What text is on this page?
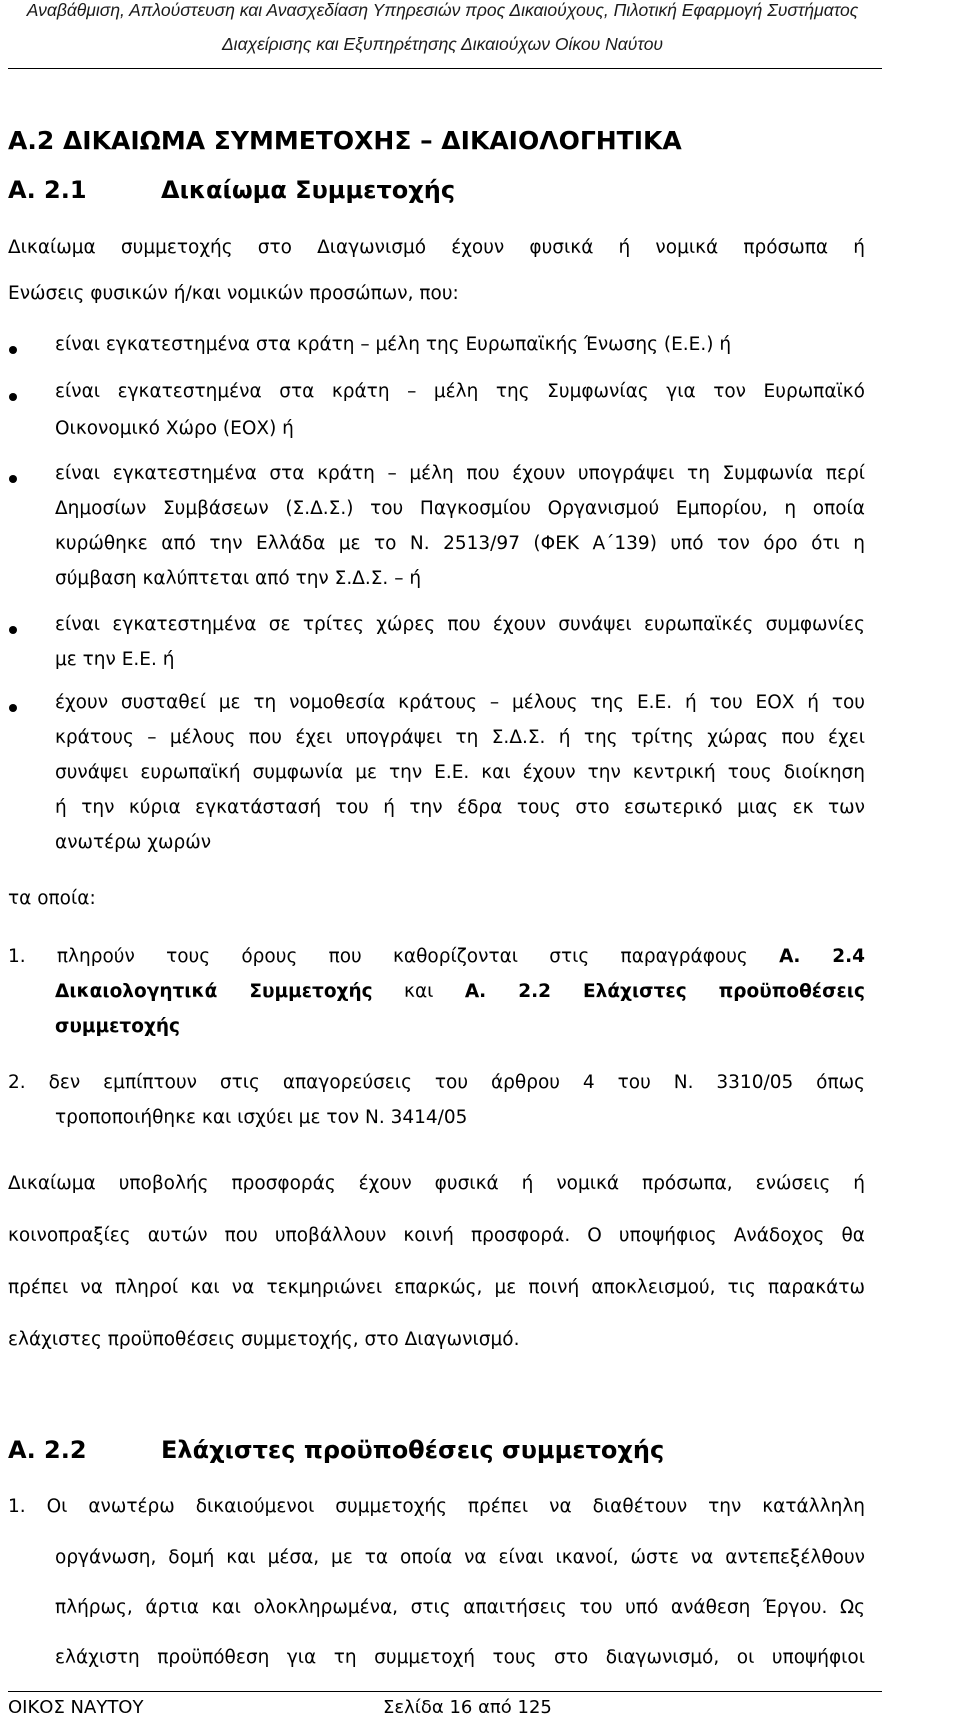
Αναβάθμιση, Απλούστευση και Ανασχεδίαση Υπηρεσιών προς Δικαιούχους, Πιλοτική Εφαρμογή Συστήματος
Διαχείρισης και Εξυπηρέτησης Δικαιούχων Οίκου Ναύτου
Α.2 ΔΙΚΑΙΩΜΑ ΣΥΜΜΕΤΟΧΗΣ – ΔΙΚΑΙΟΛΟΓΗΤΙΚΑ
Α. 2.1	Δικαίωμα Συμμετοχής
Δικαίωμα συμμετοχής στο Διαγωνισμό έχουν φυσικά ή νομικά πρόσωπα ή
Ενώσεις φυσικών ή/και νομικών προσώπων, που:
είναι εγκατεστημένα στα κράτη – μέλη της Ευρωπαϊκής Ένωσης (Ε.Ε.) ή
είναι εγκατεστημένα στα κράτη – μέλη της Συμφωνίας για τον Ευρωπαϊκό
Οικονομικό Χώρο (ΕΟΧ) ή
είναι εγκατεστημένα στα κράτη – μέλη που έχουν υπογράψει τη Συμφωνία περί
Δημοσίων Συμβάσεων (Σ.Δ.Σ.) του Παγκοσμίου Οργανισμού Εμπορίου, η οποία
κυρώθηκε από την Ελλάδα με το Ν. 2513/97 (ΦΕΚ Α΄139) υπό τον όρο ότι η
σύμβαση καλύπτεται από την Σ.Δ.Σ. – ή
είναι εγκατεστημένα σε τρίτες χώρες που έχουν συνάψει ευρωπαϊκές συμφωνίες
με την Ε.Ε. ή
έχουν συσταθεί με τη νομοθεσία κράτους – μέλους της Ε.Ε. ή του ΕΟΧ ή του
κράτους – μέλους που έχει υπογράψει τη Σ.Δ.Σ. ή της τρίτης χώρας που έχει
συνάψει ευρωπαϊκή συμφωνία με την Ε.Ε. και έχουν την κεντρική τους διοίκηση
ή την κύρια εγκατάστασή του ή την έδρα τους στο εσωτερικό μιας εκ των
ανωτέρω χωρών
τα οποία:
1. πληρούν τους όρους που καθορίζονται στις παραγράφους Α. 2.4
Δικαιολογητικά Συμμετοχής και Α. 2.2 Ελάχιστες προϋποθέσεις
συμμετοχής
2. δεν εμπίπτουν στις απαγορεύσεις του άρθρου 4 του Ν. 3310/05 όπως
τροποποιήθηκε και ισχύει με τον Ν. 3414/05
Δικαίωμα υποβολής προσφοράς έχουν φυσικά ή νομικά πρόσωπα, ενώσεις ή
κοινοπραξίες αυτών που υποβάλλουν κοινή προσφορά. Ο υποψήφιος Ανάδοχος θα
πρέπει να πληροί και να τεκμηριώνει επαρκώς, με ποινή αποκλεισμού, τις παρακάτω
ελάχιστες προϋποθέσεις συμμετοχής, στο Διαγωνισμό.
Α. 2.2	Ελάχιστες προϋποθέσεις συμμετοχής
1. Οι ανωτέρω δικαιούμενοι συμμετοχής πρέπει να διαθέτουν την κατάλληλη
οργάνωση, δομή και μέσα, με τα οποία να είναι ικανοί, ώστε να αντεπεξέλθουν
πλήρως, άρτια και ολοκληρωμένα, στις απαιτήσεις του υπό ανάθεση Έργου. Ως
ελάχιστη προϋπόθεση για τη συμμετοχή τους στο διαγωνισμό, οι υποψήφιοι
ΟΙΚΟΣ ΝΑΥΤΟΥ	Σελίδα 16 από 125
